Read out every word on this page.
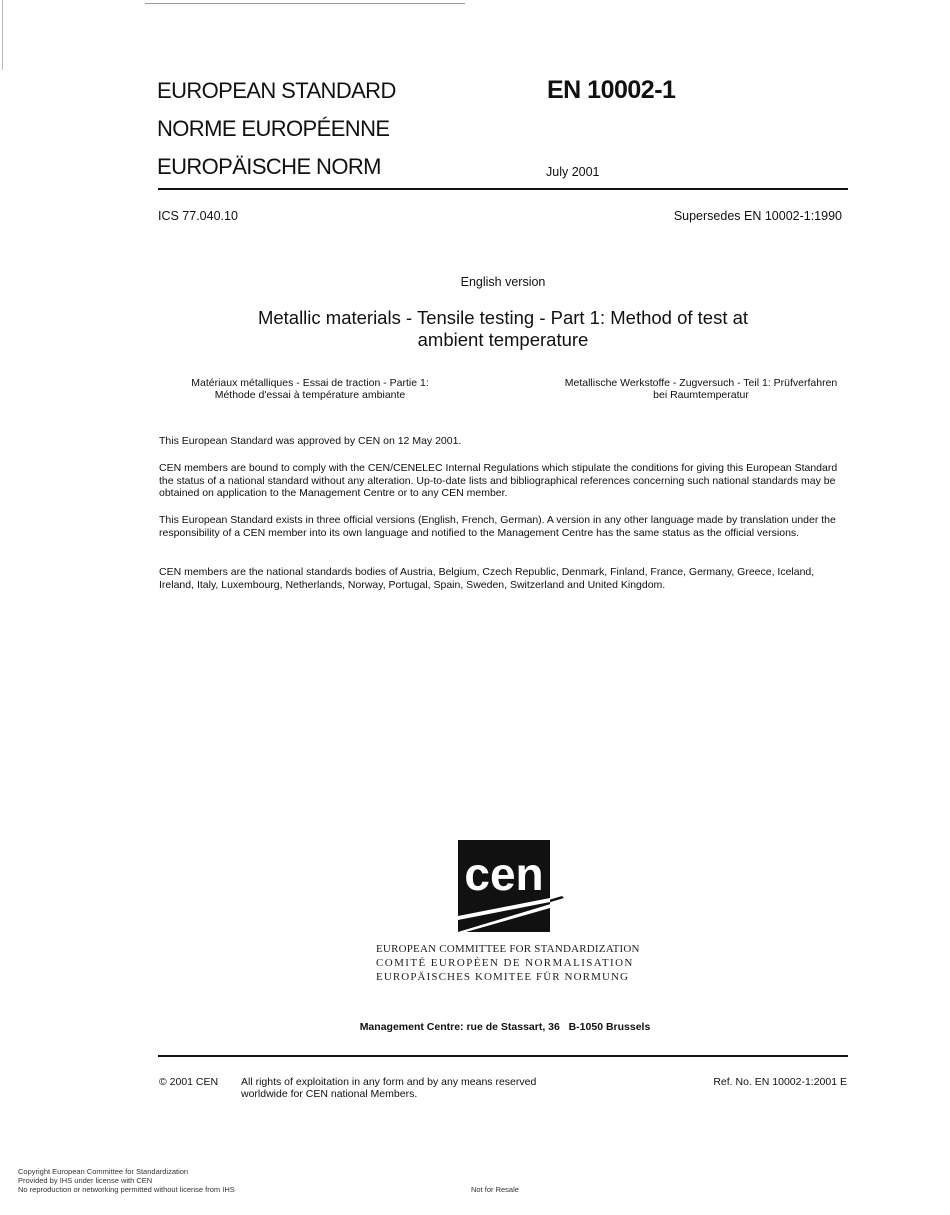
EUROPEAN STANDARD
NORME EUROPÉENNE
EUROPÄISCHE NORM
EN 10002-1
July 2001
ICS 77.040.10	Supersedes EN 10002-1:1990
English version
Metallic materials - Tensile testing - Part 1: Method of test at
ambient temperature
Matériaux métalliques - Essai de traction - Partie 1:
Méthode d'essai à température ambiante
Metallische Werkstoffe - Zugversuch - Teil 1: Prüfverfahren
bei Raumtemperatur
This European Standard was approved by CEN on 12 May 2001.
CEN members are bound to comply with the CEN/CENELEC Internal Regulations which stipulate the conditions for giving this European Standard the status of a national standard without any alteration. Up-to-date lists and bibliographical references concerning such national standards may be obtained on application to the Management Centre or to any CEN member.
This European Standard exists in three official versions (English, French, German). A version in any other language made by translation under the responsibility of a CEN member into its own language and notified to the Management Centre has the same status as the official versions.
CEN members are the national standards bodies of Austria, Belgium, Czech Republic, Denmark, Finland, France, Germany, Greece, Iceland, Ireland, Italy, Luxembourg, Netherlands, Norway, Portugal, Spain, Sweden, Switzerland and United Kingdom.
cen
EUROPEAN COMMITTEE FOR STANDARDIZATION
COMITÉ EUROPÉEN DE NORMALISATION
EUROPÄISCHES KOMITEE FÜR NORMUNG
Management Centre: rue de Stassart, 36   B-1050 Brussels
© 2001 CEN All rights of exploitation in any form and by any means reserved
worldwide for CEN national Members.
Ref. No. EN 10002-1:2001 E
Copyright European Committee for Standardization
Provided by IHS under license with CEN
No reproduction or networking permitted without license from IHS	Not for Resale
